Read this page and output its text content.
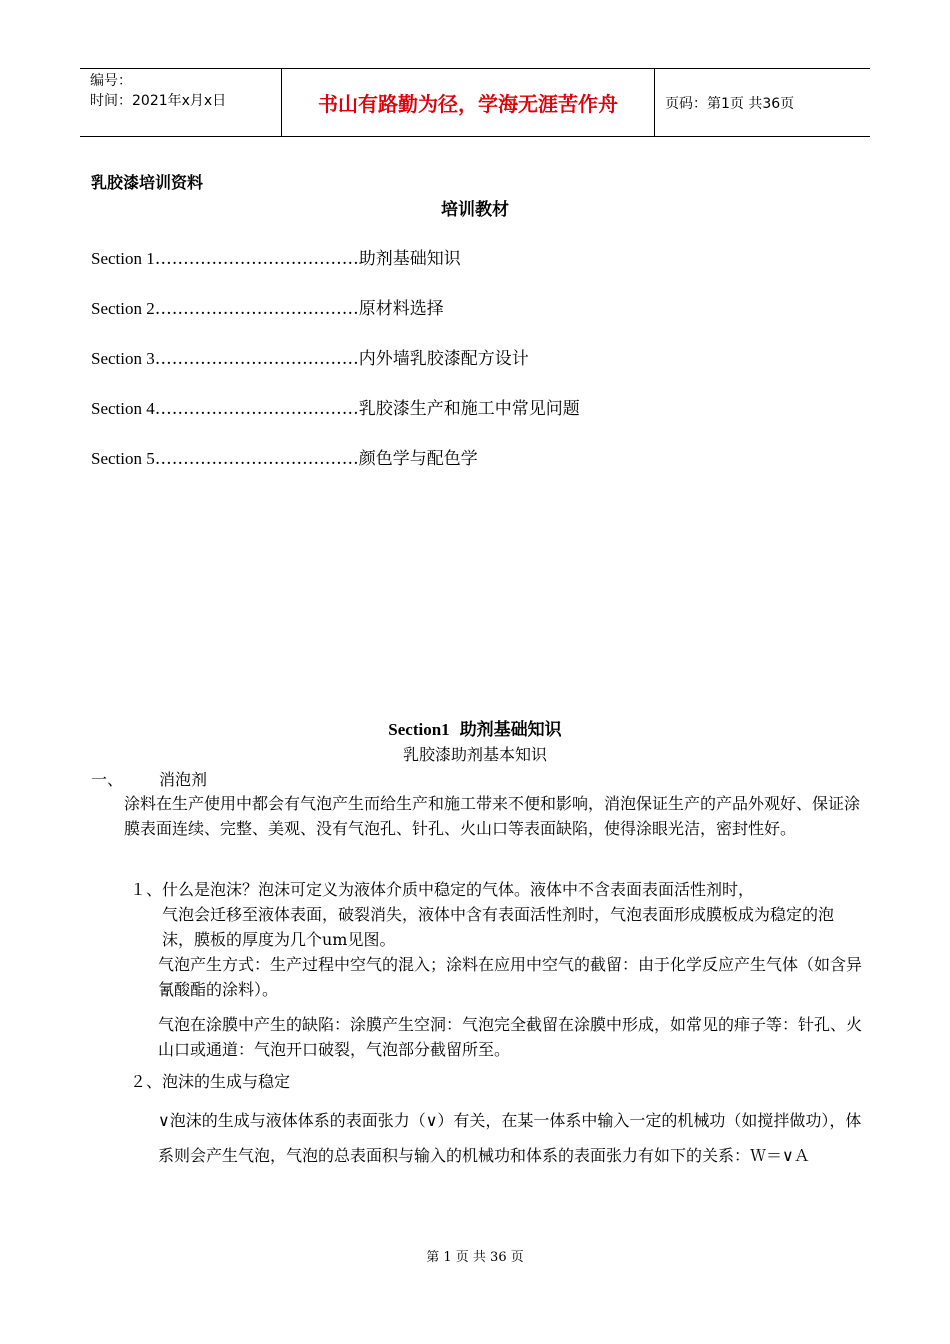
编号：
时间：2021年x月x日	书山有路勤为径，学海无涯苦作舟	页码：第1页 共36页
乳胶漆培训资料
培训教材
Section 1………………………………助剂基础知识
Section 2………………………………原材料选择
Section 3………………………………内外墙乳胶漆配方设计
Section 4………………………………乳胶漆生产和施工中常见问题
Section 5………………………………颜色学与配色学
Section1 助剂基础知识
乳胶漆助剂基本知识
一、 消泡剂
涂料在生产使用中都会有气泡产生而给生产和施工带来不便和影响，消泡保证生产的产品外观好、保证涂膜表面连续、完整、美观、没有气泡孔、针孔、火山口等表面缺陷，使得涂眼光洁，密封性好。
１、什么是泡沫？泡沫可定义为液体介质中稳定的气体。液体中不含表面表面活性剂时，
气泡会迁移至液体表面，破裂消失，液体中含有表面活性剂时，气泡表面形成膜板成为稳定的泡沫，膜板的厚度为几个um见图。
气泡产生方式：生产过程中空气的混入；涂料在应用中空气的截留：由于化学反应产生气体（如含异氰酸酯的涂料）。
气泡在涂膜中产生的缺陷：涂膜产生空洞：气泡完全截留在涂膜中形成，如常见的痱子等：针孔、火山口或通道：气泡开口破裂，气泡部分截留所至。
２、泡沫的生成与稳定
∨泡沫的生成与液体体系的表面张力（∨）有关，在某一体系中输入一定的机械功（如搅拌做功），体系则会产生气泡，气泡的总表面积与输入的机械功和体系的表面张力有如下的关系：Ｗ＝∨Ａ
第 1 页 共 36 页
